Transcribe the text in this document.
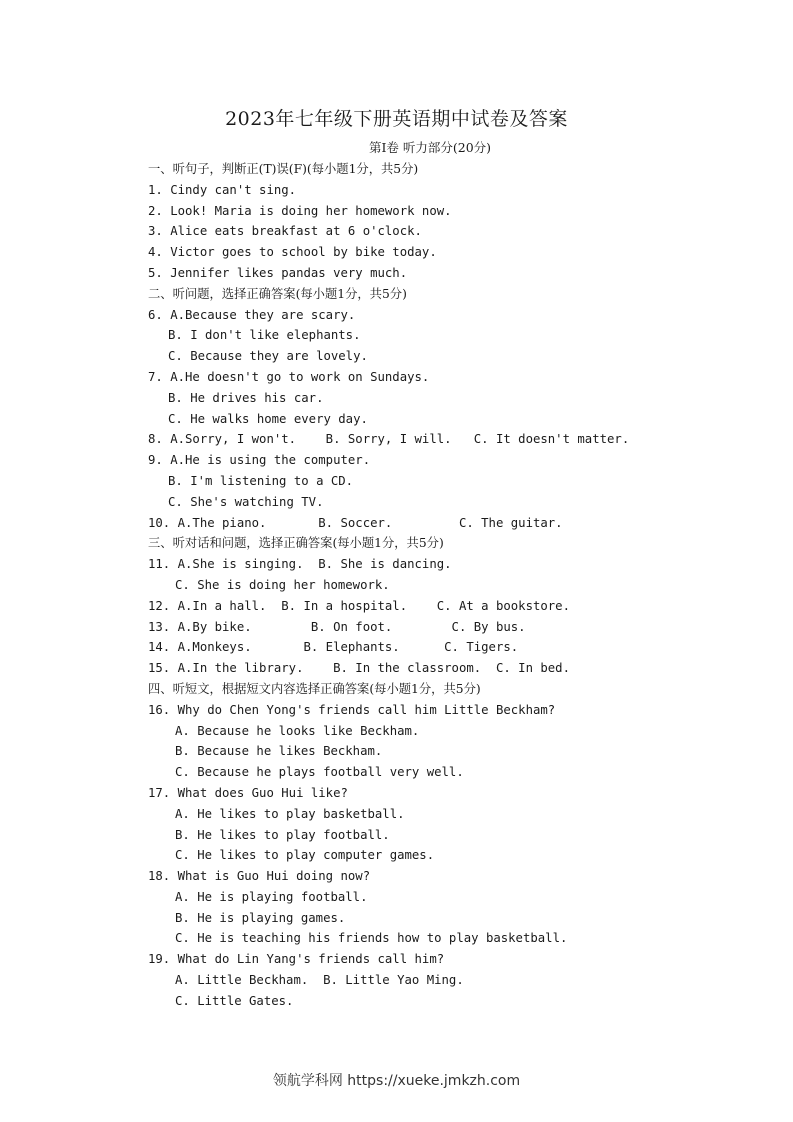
2023年七年级下册英语期中试卷及答案
第Ⅰ卷 听力部分(20分)
一、听句子，判断正(T)误(F)(每小题1分，共5分)
1. Cindy can't sing.
2. Look! Maria is doing her homework now.
3. Alice eats breakfast at 6 o'clock.
4. Victor goes to school by bike today.
5. Jennifer likes pandas very much.
二、听问题，选择正确答案(每小题1分，共5分)
6. A.Because they are scary.
B. I don't like elephants.
C. Because they are lovely.
7. A.He doesn't go to work on Sundays.
B. He drives his car.
C. He walks home every day.
8. A.Sorry, I won't.    B. Sorry, I will.   C. It doesn't matter.
9. A.He is using the computer.
B. I'm listening to a CD.
C. She's watching TV.
10. A.The piano.       B. Soccer.         C. The guitar.
三、听对话和问题，选择正确答案(每小题1分，共5分)
11. A.She is singing.  B. She is dancing.
C. She is doing her homework.
12. A.In a hall.  B. In a hospital.    C. At a bookstore.
13. A.By bike.        B. On foot.        C. By bus.
14. A.Monkeys.       B. Elephants.      C. Tigers.
15. A.In the library.    B. In the classroom.  C. In bed.
四、听短文，根据短文内容选择正确答案(每小题1分，共5分)
16. Why do Chen Yong's friends call him Little Beckham?
A. Because he looks like Beckham.
B. Because he likes Beckham.
C. Because he plays football very well.
17. What does Guo Hui like?
A. He likes to play basketball.
B. He likes to play football.
C. He likes to play computer games.
18. What is Guo Hui doing now?
A. He is playing football.
B. He is playing games.
C. He is teaching his friends how to play basketball.
19. What do Lin Yang's friends call him?
A. Little Beckham.  B. Little Yao Ming.
C. Little Gates.
领航学科网 https://xueke.jmkzh.com
